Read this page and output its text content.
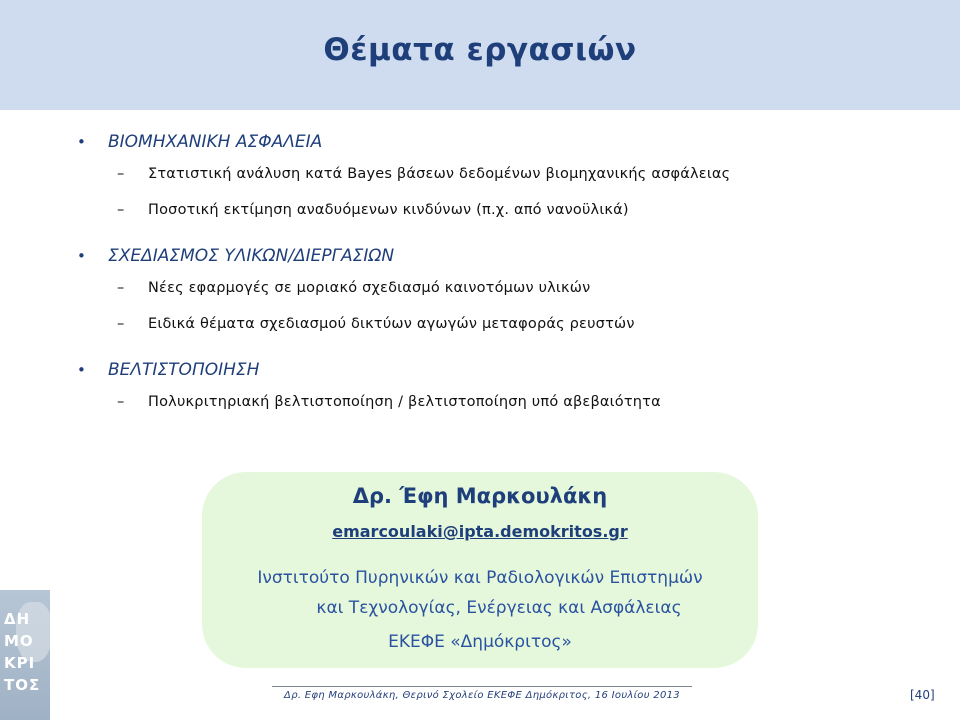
Θέματα εργασιών
• ΒΙΟΜΗΧΑΝΙΚΗ ΑΣΦΑΛΕΙΑ
– Στατιστική ανάλυση κατά Bayes βάσεων δεδομένων βιομηχανικής ασφάλειας
– Ποσοτική εκτίμηση αναδυόμενων κινδύνων (π.χ. από νανοϋλικά)
• ΣΧΕΔΙΑΣΜΟΣ ΥΛΙΚΩΝ/ΔΙΕΡΓΑΣΙΩΝ
– Νέες εφαρμογές σε μοριακό σχεδιασμό καινοτόμων υλικών
– Ειδικά θέματα σχεδιασμού δικτύων αγωγών μεταφοράς ρευστών
• ΒΕΛΤΙΣΤΟΠΟΙΗΣΗ
– Πολυκριτηριακή βελτιστοποίηση / βελτιστοποίηση υπό αβεβαιότητα
Δρ. Έφη Μαρκουλάκη
emarcoulaki@ipta.demokritos.gr
Ινστιτούτο Πυρηνικών και Ραδιολογικών Επιστημών
και Τεχνολογίας, Ενέργειας και Ασφάλειας
ΕΚΕΦΕ «Δημόκριτος»
ΔΗ
ΜΟ
ΚΡΙ
ΤΟΣ
Δρ. Εφη Μαρκουλάκη, Θερινό Σχολείο ΕΚΕΦΕ Δημόκριτος, 16 Ιουλίου 2013	[40]
